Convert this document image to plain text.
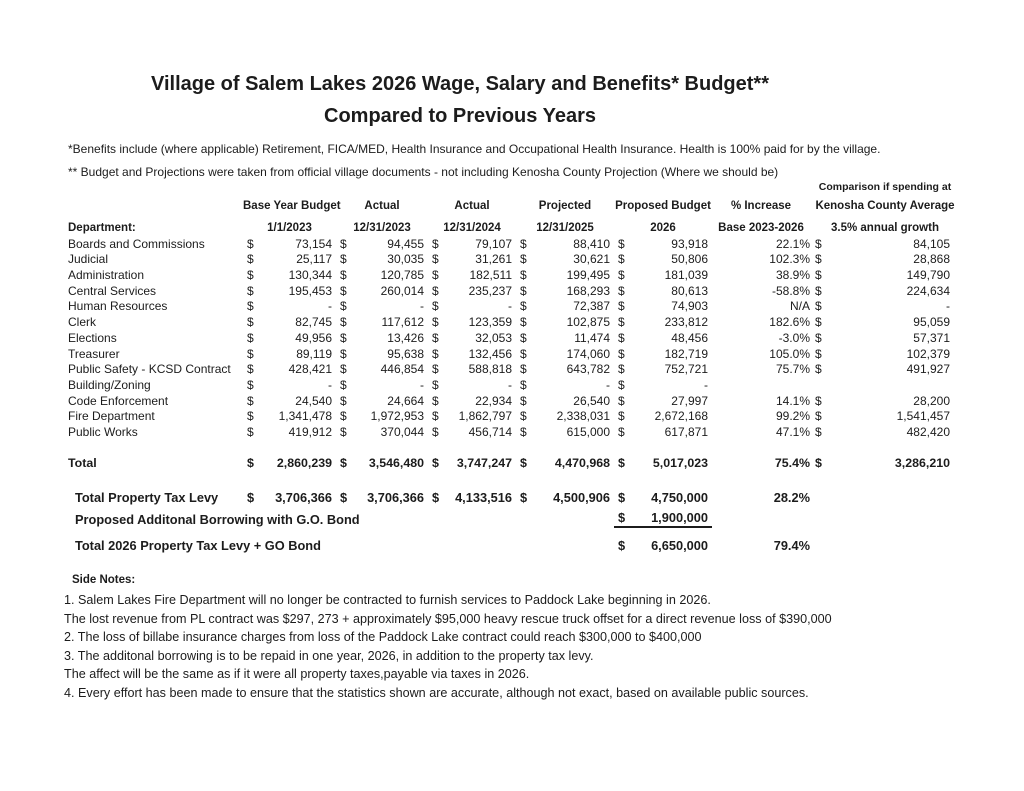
Village of Salem Lakes 2026 Wage, Salary and Benefits* Budget**
Compared to Previous Years
*Benefits include (where applicable) Retirement, FICA/MED, Health Insurance and Occupational Health Insurance. Health is 100% paid for by the village.
** Budget and Projections were taken from official village documents - not including Kenosha County Projection (Where we should be)
							Comparison if spending at
	Base Year Budget	Actual	Actual	Projected	Proposed Budget	% Increase	Kenosha County Average
Department:	1/1/2023	12/31/2023	12/31/2024	12/31/2025	2026	Base 2023-2026	3.5% annual growth
Boards and Commissions	$ 73,154	$ 94,455	$ 79,107	$ 88,410	$ 93,918	22.1%	$ 84,105

Judicial	$ 25,117	$ 30,035	$ 31,261	$ 30,621	$ 50,806	102.3%	$ 28,868

Administration	$ 130,344	$ 120,785	$ 182,511	$ 199,495	$ 181,039	38.9%	$ 149,790

Central Services	$ 195,453	$ 260,014	$ 235,237	$ 168,293	$ 80,613	-58.8%	$ 224,634

Human Resources	$ -	$ -	$ -	$ 72,387	$ 74,903	N/A	$ -

Clerk	$ 82,745	$ 117,612	$ 123,359	$ 102,875	$ 233,812	182.6%	$ 95,059

Elections	$ 49,956	$ 13,426	$ 32,053	$ 11,474	$ 48,456	-3.0%	$ 57,371

Treasurer	$ 89,119	$ 95,638	$ 132,456	$ 174,060	$ 182,719	105.0%	$ 102,379

Public Safety - KCSD Contract	$ 428,421	$ 446,854	$ 588,818	$ 643,782	$ 752,721	75.7%	$ 491,927

Building/Zoning	$ -	$ -	$ -	$ -	$ -		

Code Enforcement	$ 24,540	$ 24,664	$ 22,934	$ 26,540	$ 27,997	14.1%	$ 28,200

Fire Department	$ 1,341,478	$ 1,972,953	$ 1,862,797	$ 2,338,031	$ 2,672,168	99.2%	$ 1,541,457

Public Works	$ 419,912	$ 370,044	$ 456,714	$ 615,000	$ 617,871	47.1%	$ 482,420

Total	$ 2,860,239	$ 3,546,480	$ 3,747,247	$ 4,470,968	$ 5,017,023	75.4%	$ 3,286,210

Total Property Tax Levy	$ 3,706,366	$ 3,706,366	$ 4,133,516	$ 4,500,906	$ 4,750,000	28.2%	
Proposed Additonal Borrowing with G.O. Bond					$ 1,900,000		

Total 2026 Property Tax Levy + GO Bond					$ 6,650,000	79.4%	
Side Notes:
1. Salem Lakes Fire Department will no longer be contracted to furnish services to Paddock Lake beginning in 2026.
The lost revenue from PL contract was $297, 273 + approximately $95,000 heavy rescue truck offset for a direct revenue loss of $390,000
2. The loss of billabe insurance charges from loss of the Paddock Lake contract could reach $300,000 to $400,000
3. The additonal borrowing is to be repaid in one year, 2026, in addition to the property tax levy.
The affect will be the same as if it were all property taxes,payable via taxes in 2026.
4. Every effort has been made to ensure that the statistics shown are accurate, although not exact, based on available public sources.
